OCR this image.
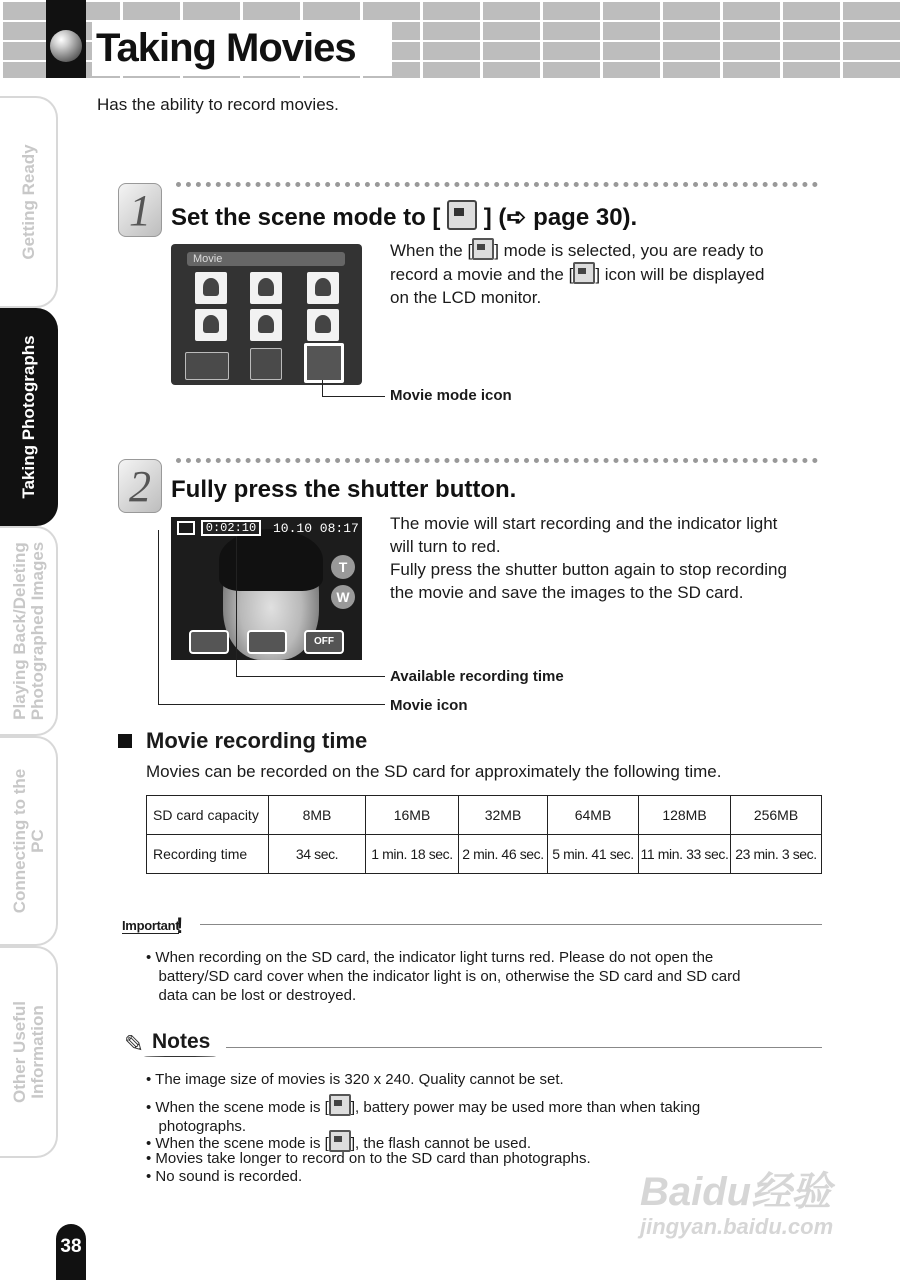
Taking Movies
Has the ability to record movies.
Getting Ready
Taking Photographs
Playing Back/Deleting Photographed Images
Connecting to the PC
Other Useful Information
1 Set the scene mode to [ ] (➪ page 30).
When the [ ] mode is selected, you are ready to
record a movie and the [ ] icon will be displayed
on the LCD monitor.
Movie
Movie mode icon
2 Fully press the shutter button.
The movie will start recording and the indicator light
will turn to red.
Fully press the shutter button again to stop recording
the movie and save the images to the SD card.
0:02:10	10.10 08:17
T
W
OFF
Available recording time
Movie icon
Movie recording time
Movies can be recorded on the SD card for approximately the following time.
SD card capacity	8MB	16MB	32MB	64MB	128MB	256MB
Recording time	34 sec.	1 min. 18 sec.	2 min. 46 sec.	5 min. 41 sec.	11 min. 33 sec.	23 min. 3 sec.
Important
!
• When recording on the SD card, the indicator light turns red. Please do not open the
battery/SD card cover when the indicator light is on, otherwise the SD card and SD card
data can be lost or destroyed.
✎ Notes
• The image size of movies is 320 x 240. Quality cannot be set.
• When the scene mode is [ ], battery power may be used more than when taking
photographs.
• When the scene mode is [ ], the flash cannot be used.
• Movies take longer to record on to the SD card than photographs.
• No sound is recorded.
38
Baidu经验
jingyan.baidu.com
